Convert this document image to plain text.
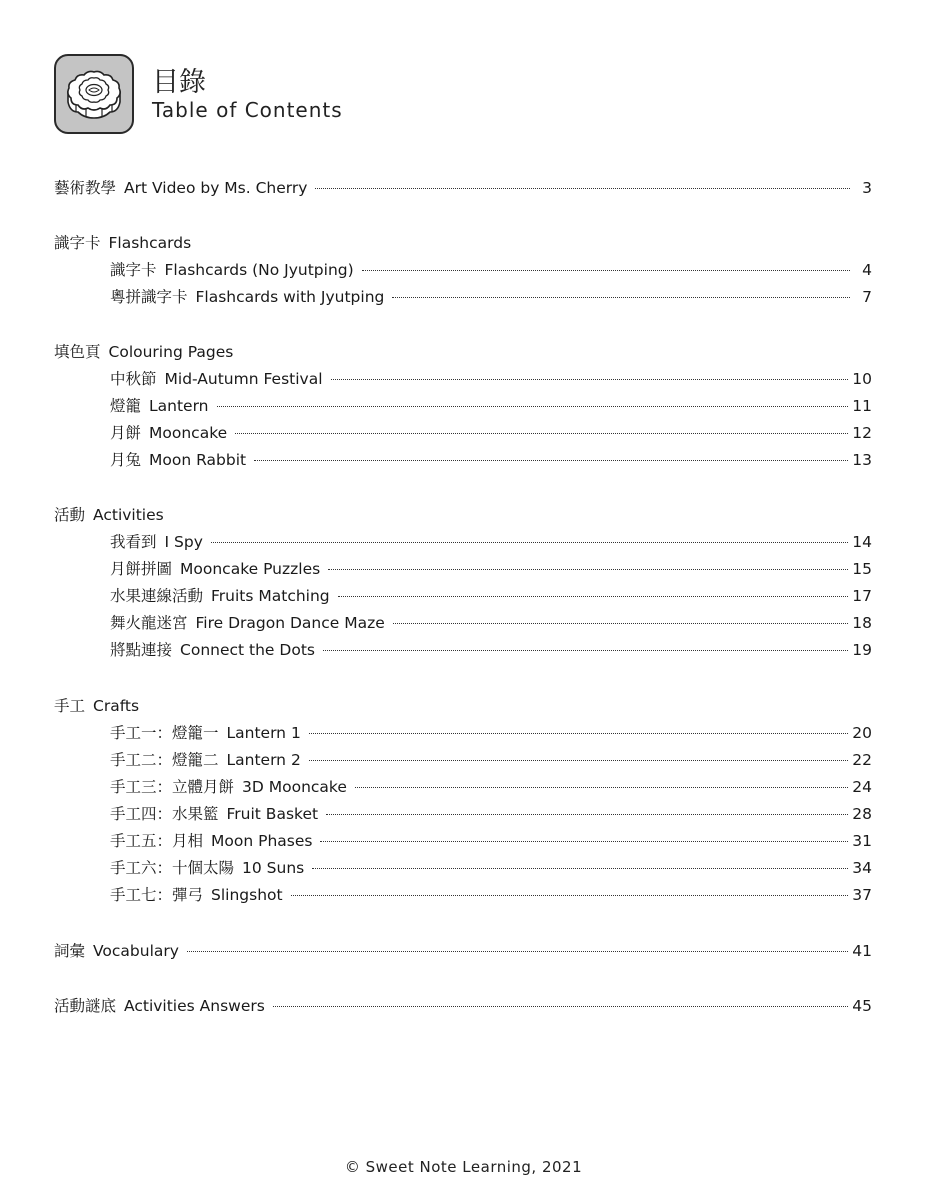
目錄
Table of Contents
藝術教學 Art Video by Ms. Cherry	3
識字卡 Flashcards
識字卡 Flashcards (No Jyutping)	4
粵拼識字卡 Flashcards with Jyutping	7
填色頁 Colouring Pages
中秋節 Mid-Autumn Festival	10
燈籠 Lantern	11
月餅 Mooncake	12
月兔 Moon Rabbit	13
活動 Activities
我看到 I Spy	14
月餅拼圖 Mooncake Puzzles	15
水果連線活動 Fruits Matching	17
舞火龍迷宮 Fire Dragon Dance Maze	18
將點連接 Connect the Dots	19
手工 Crafts
手工一：燈籠一 Lantern 1	20
手工二：燈籠二 Lantern 2	22
手工三：立體月餅 3D Mooncake	24
手工四：水果籃 Fruit Basket	28
手工五：月相 Moon Phases	31
手工六：十個太陽 10 Suns	34
手工七：彈弓 Slingshot	37
詞彙 Vocabulary	41
活動謎底 Activities Answers	45
© Sweet Note Learning, 2021
